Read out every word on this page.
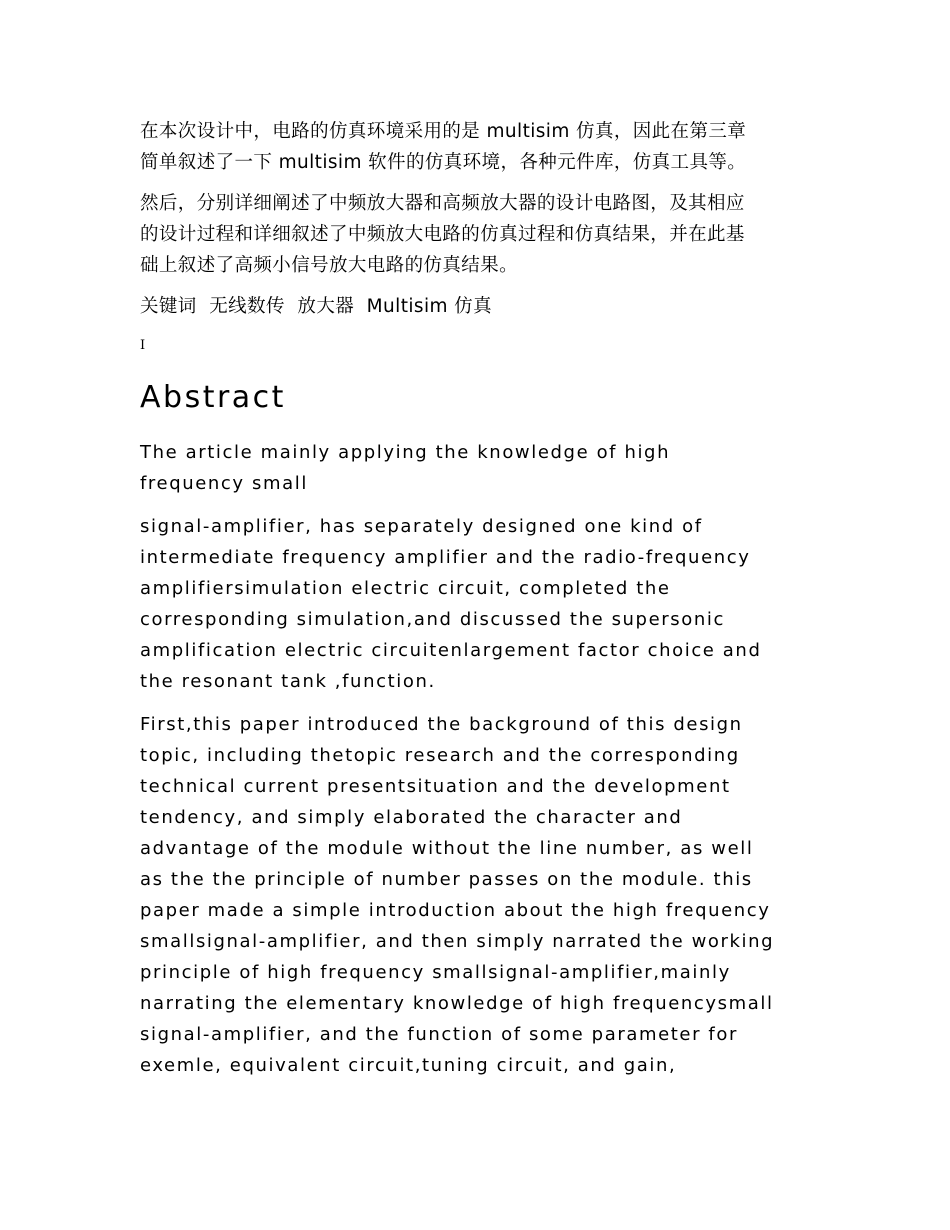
在本次设计中，电路的仿真环境采用的是 multisim 仿真，因此在第三章
简单叙述了一下 multisim 软件的仿真环境，各种元件库，仿真工具等。

然后，分别详细阐述了中频放大器和高频放大器的设计电路图，及其相应
的设计过程和详细叙述了中频放大电路的仿真过程和仿真结果，并在此基
础上叙述了高频小信号放大电路的仿真结果。

关键词  无线数传  放大器  Multisim 仿真

I

Abstract

The article mainly applying the knowledge of high
frequency small

signal-amplifier, has separately designed one kind of
intermediate frequency amplifier and the radio-frequency
amplifiersimulation electric circuit, completed the
corresponding simulation,and discussed the supersonic
amplification electric circuitenlargement factor choice and
the resonant tank ,function.

First,this paper introduced the background of this design
topic, including thetopic research and the corresponding
technical current presentsituation and the development
tendency, and simply elaborated the character and
advantage of the module without the line number, as well
as the the principle of number passes on the module. this
paper made a simple introduction about the high frequency
smallsignal-amplifier, and then simply narrated the working
principle of high frequency smallsignal-amplifier,mainly
narrating the elementary knowledge of high frequencysmall
signal-amplifier, and the function of some parameter for
exemle, equivalent circuit,tuning circuit, and gain,
